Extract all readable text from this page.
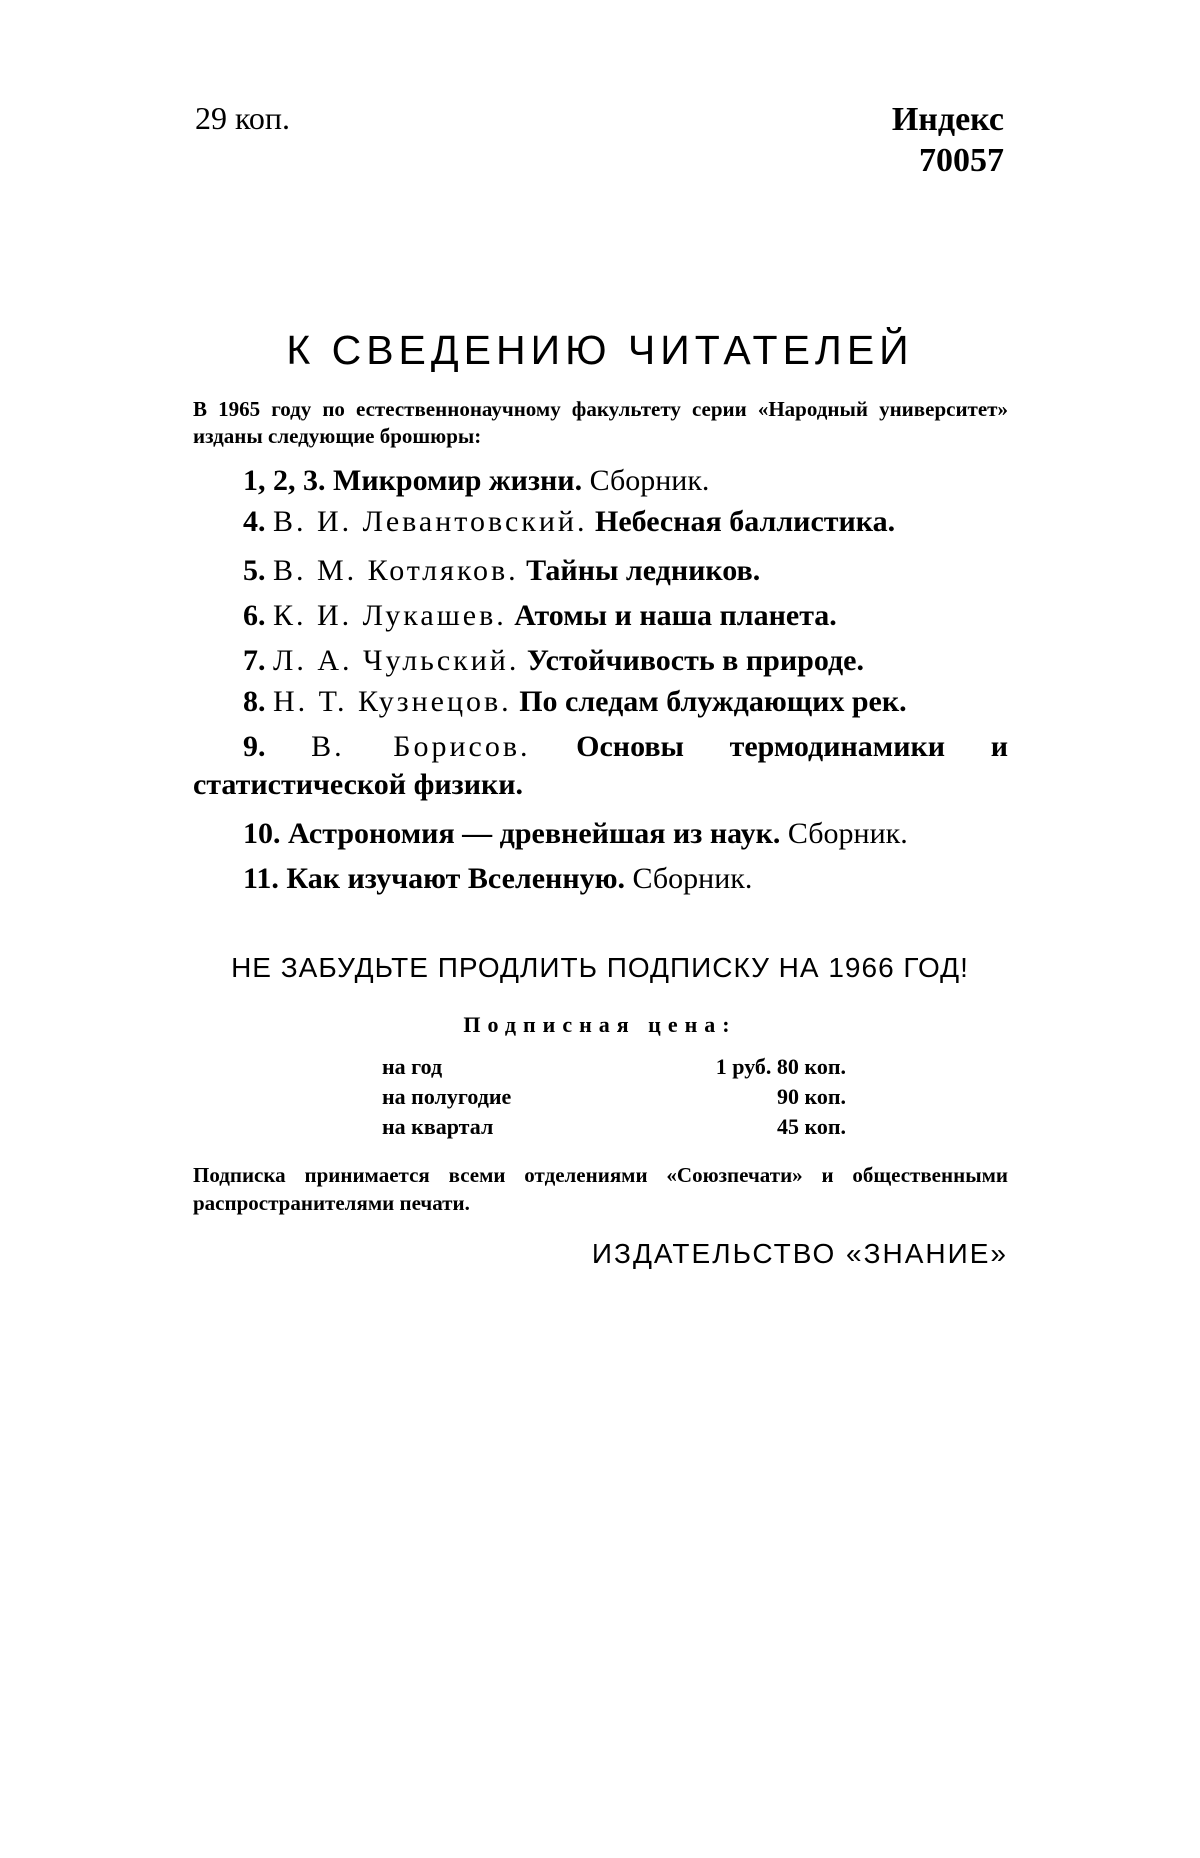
29 коп.	Индекс
70057
К СВЕДЕНИЮ ЧИТАТЕЛЕЙ
В 1965 году по естественнонаучному факультету серии «Народный университет» изданы следующие брошюры:
1, 2, 3. Микромир жизни. Сборник.
4. В. И. Левантовский. Небесная баллистика.
5. В. М. Котляков. Тайны ледников.
6. К. И. Лукашев. Атомы и наша планета.
7. Л. А. Чульский. Устойчивость в природе.
8. Н. Т. Кузнецов. По следам блуждающих рек.
9. В. Борисов. Основы термодинамики и статистической физики.
10. Астрономия — древнейшая из наук. Сборник.
11. Как изучают Вселенную. Сборник.
НЕ ЗАБУДЬТЕ ПРОДЛИТЬ ПОДПИСКУ НА 1966 ГОД!
Подписная цена:
на год	1 руб. 80 коп.
на полугодие	90 коп.
на квартал	45 коп.
Подписка принимается всеми отделениями «Союзпечати» и общественными распространителями печати.
ИЗДАТЕЛЬСТВО «ЗНАНИЕ»
